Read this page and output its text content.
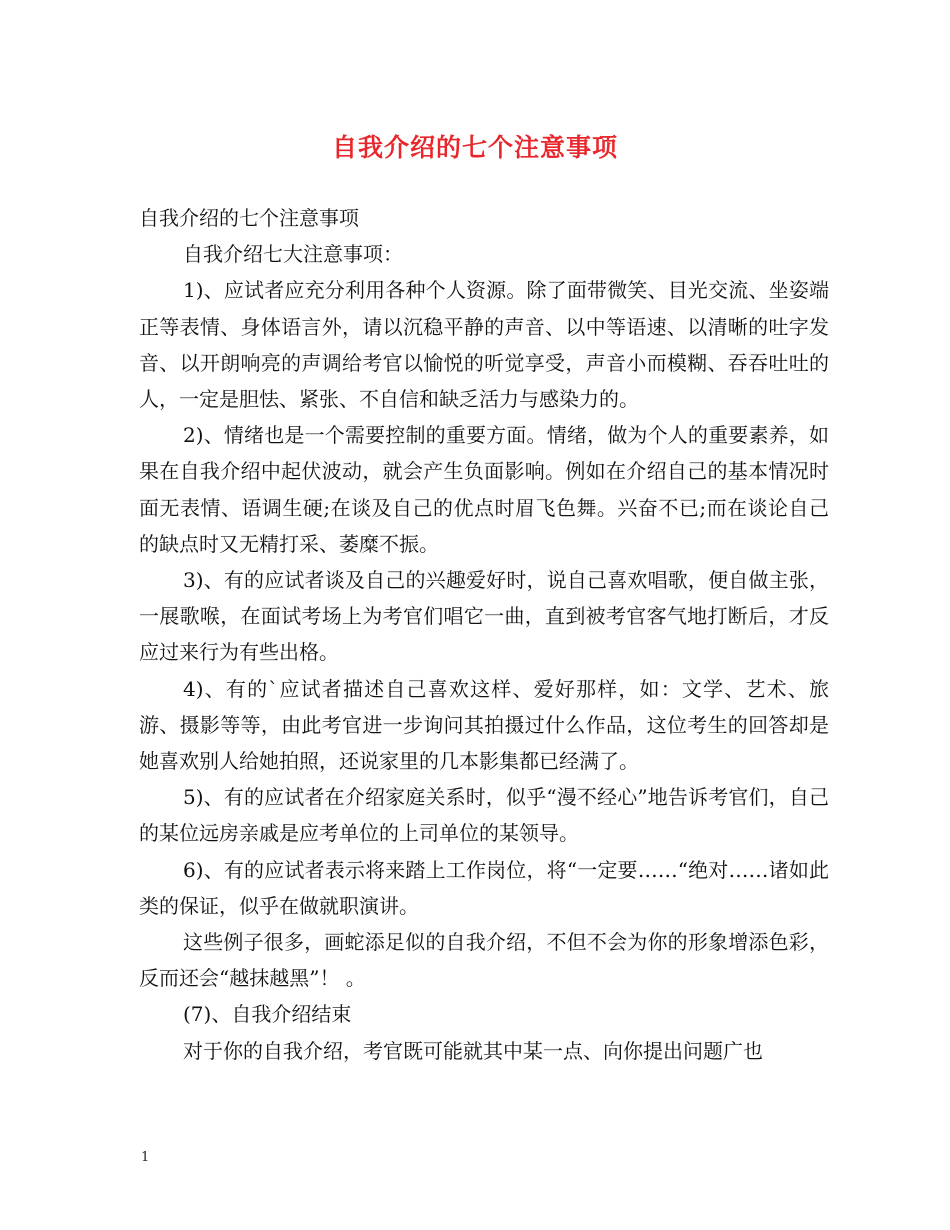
自我介绍的七个注意事项

自我介绍的七个注意事项

自我介绍七大注意事项：

1)、应试者应充分利用各种个人资源。除了面带微笑、目光交流、坐姿端正等表情、身体语言外，请以沉稳平静的声音、以中等语速、以清晰的吐字发音、以开朗响亮的声调给考官以愉悦的听觉享受，声音小而模糊、吞吞吐吐的人，一定是胆怯、紧张、不自信和缺乏活力与感染力的。

2)、情绪也是一个需要控制的重要方面。情绪，做为个人的重要素养，如果在自我介绍中起伏波动，就会产生负面影响。例如在介绍自己的基本情况时面无表情、语调生硬;在谈及自己的优点时眉飞色舞。兴奋不已;而在谈论自己的缺点时又无精打采、萎糜不振。

3)、有的应试者谈及自己的兴趣爱好时，说自己喜欢唱歌，便自做主张，一展歌喉，在面试考场上为考官们唱它一曲，直到被考官客气地打断后，才反应过来行为有些出格。

4)、有的`应试者描述自己喜欢这样、爱好那样，如：文学、艺术、旅游、摄影等等，由此考官进一步询问其拍摄过什么作品，这位考生的回答却是她喜欢别人给她拍照，还说家里的几本影集都已经满了。

5)、有的应试者在介绍家庭关系时，似乎“漫不经心”地告诉考官们，自己的某位远房亲戚是应考单位的上司单位的某领导。

6)、有的应试者表示将来踏上工作岗位，将“一定要……“绝对……诸如此类的保证，似乎在做就职演讲。

这些例子很多，画蛇添足似的自我介绍，不但不会为你的形象增添色彩，反而还会“越抹越黑”！ 。

(7)、自我介绍结束

对于你的自我介绍，考官既可能就其中某一点、向你提出问题广也

1
